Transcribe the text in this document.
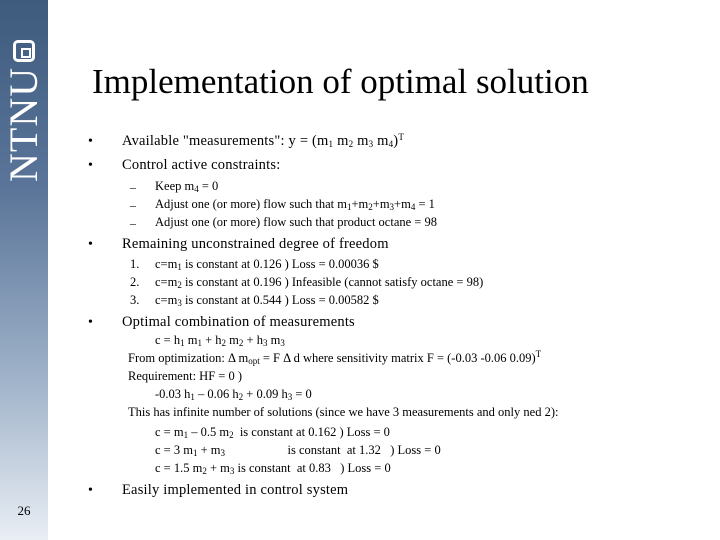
NTNU
26
Implementation of optimal solution
• Available "measurements": $y = (m_1$ $m_2$ $m_3$ $m_4)^T$
• Control active constraints:
– Keep $m_4 = 0$
– Adjust one (or more) flow such that $m_1+m_2+m_3+m_4 = 1$
– Adjust one (or more) flow such that product octane = 98
• Remaining unconstrained degree of freedom
1. $c=m_1$ is constant at 0.126 ) Loss = 0.00036 $
2. $c=m_2$ is constant at 0.196 ) Infeasible (cannot satisfy octane = 98)
3. $c=m_3$ is constant at 0.544 ) Loss = 0.00582 $
• Optimal combination of measurements
$c = h_1$ $m_1 + h_2$ $m_2 + h_3$ $m_3$
From optimization: Δ $m_{opt} = F$ Δ d where sensitivity matrix F = (-0.03 -0.06 0.09)$^T$
Requirement: HF = 0 )
-0.03 $h_1 - 0.06$ $h_2 + 0.09$ $h_3 = 0$
This has infinite number of solutions (since we have 3 measurements and only ned 2):
$c = m_1 - 0.5$ $m_2$  is constant at 0.162 ) Loss = 0
c = 3 $m_1 + m_3$                    is constant  at 1.32   ) Loss = 0
c = 1.5 $m_2 + m_3$ is constant  at 0.83   ) Loss = 0
• Easily implemented in control system
